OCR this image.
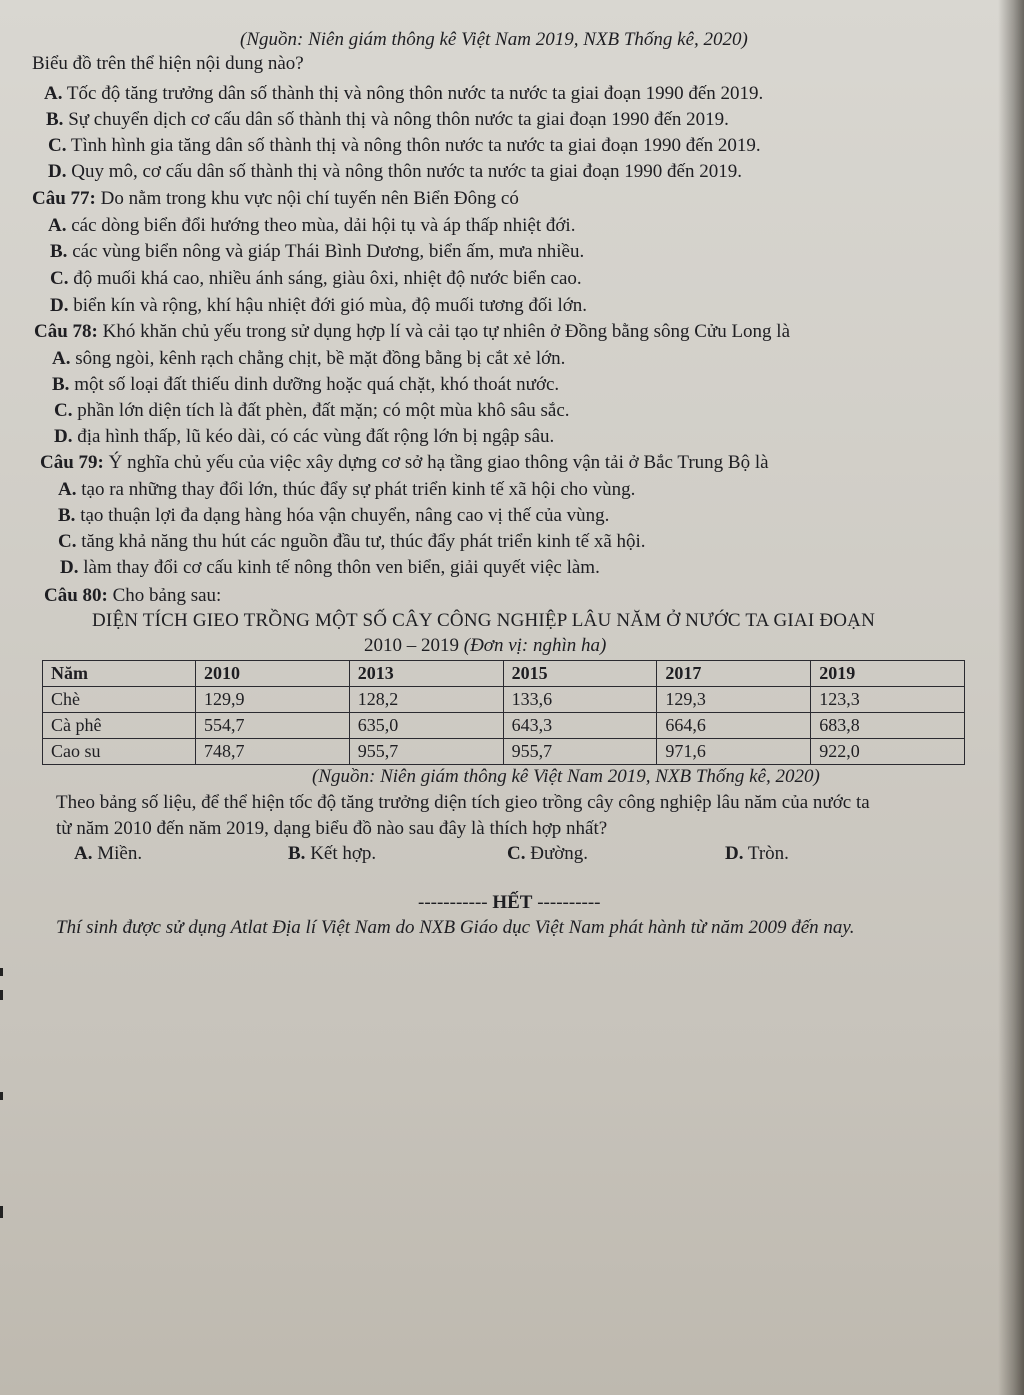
(Nguồn: Niên giám thông kê Việt Nam 2019, NXB Thống kê, 2020)
Biểu đồ trên thể hiện nội dung nào?
A. Tốc độ tăng trưởng dân số thành thị và nông thôn nước ta nước ta giai đoạn 1990 đến 2019.
B. Sự chuyển dịch cơ cấu dân số thành thị và nông thôn nước ta giai đoạn 1990 đến 2019.
C. Tình hình gia tăng dân số thành thị và nông thôn nước ta nước ta giai đoạn 1990 đến 2019.
D. Quy mô, cơ cấu dân số thành thị và nông thôn nước ta nước ta giai đoạn 1990 đến 2019.
Câu 77: Do nằm trong khu vực nội chí tuyến nên Biển Đông có
A. các dòng biển đổi hướng theo mùa, dải hội tụ và áp thấp nhiệt đới.
B. các vùng biển nông và giáp Thái Bình Dương, biển ấm, mưa nhiều.
C. độ muối khá cao, nhiều ánh sáng, giàu ôxi, nhiệt độ nước biển cao.
D. biển kín và rộng, khí hậu nhiệt đới gió mùa, độ muối tương đối lớn.
Câu 78: Khó khăn chủ yếu trong sử dụng hợp lí và cải tạo tự nhiên ở Đồng bằng sông Cửu Long là
A. sông ngòi, kênh rạch chằng chịt, bề mặt đồng bằng bị cắt xẻ lớn.
B. một số loại đất thiếu dinh dưỡng hoặc quá chặt, khó thoát nước.
C. phần lớn diện tích là đất phèn, đất mặn; có một mùa khô sâu sắc.
D. địa hình thấp, lũ kéo dài, có các vùng đất rộng lớn bị ngập sâu.
Câu 79: Ý nghĩa chủ yếu của việc xây dựng cơ sở hạ tầng giao thông vận tải ở Bắc Trung Bộ là
A. tạo ra những thay đổi lớn, thúc đẩy sự phát triển kinh tế xã hội cho vùng.
B. tạo thuận lợi đa dạng hàng hóa vận chuyển, nâng cao vị thế của vùng.
C. tăng khả năng thu hút các nguồn đầu tư, thúc đẩy phát triển kinh tế xã hội.
D. làm thay đổi cơ cấu kinh tế nông thôn ven biển, giải quyết việc làm.
Câu 80: Cho bảng sau:
DIỆN TÍCH GIEO TRỒNG MỘT SỐ CÂY CÔNG NGHIỆP LÂU NĂM Ở NƯỚC TA GIAI ĐOẠN
2010 – 2019 (Đơn vị: nghìn ha)
Năm	2010	2013	2015	2017	2019
Chè	129,9	128,2	133,6	129,3	123,3
Cà phê	554,7	635,0	643,3	664,6	683,8
Cao su	748,7	955,7	955,7	971,6	922,0
(Nguồn: Niên giám thông kê Việt Nam 2019, NXB Thống kê, 2020)
Theo bảng số liệu, để thể hiện tốc độ tăng trưởng diện tích gieo trồng cây công nghiệp lâu năm của nước ta
từ năm 2010 đến năm 2019, dạng biểu đồ nào sau đây là thích hợp nhất?
A. Miền.	B. Kết hợp.	C. Đường.	D. Tròn.
----------- HẾT ----------
Thí sinh được sử dụng Atlat Địa lí Việt Nam do NXB Giáo dục Việt Nam phát hành từ năm 2009 đến nay.
